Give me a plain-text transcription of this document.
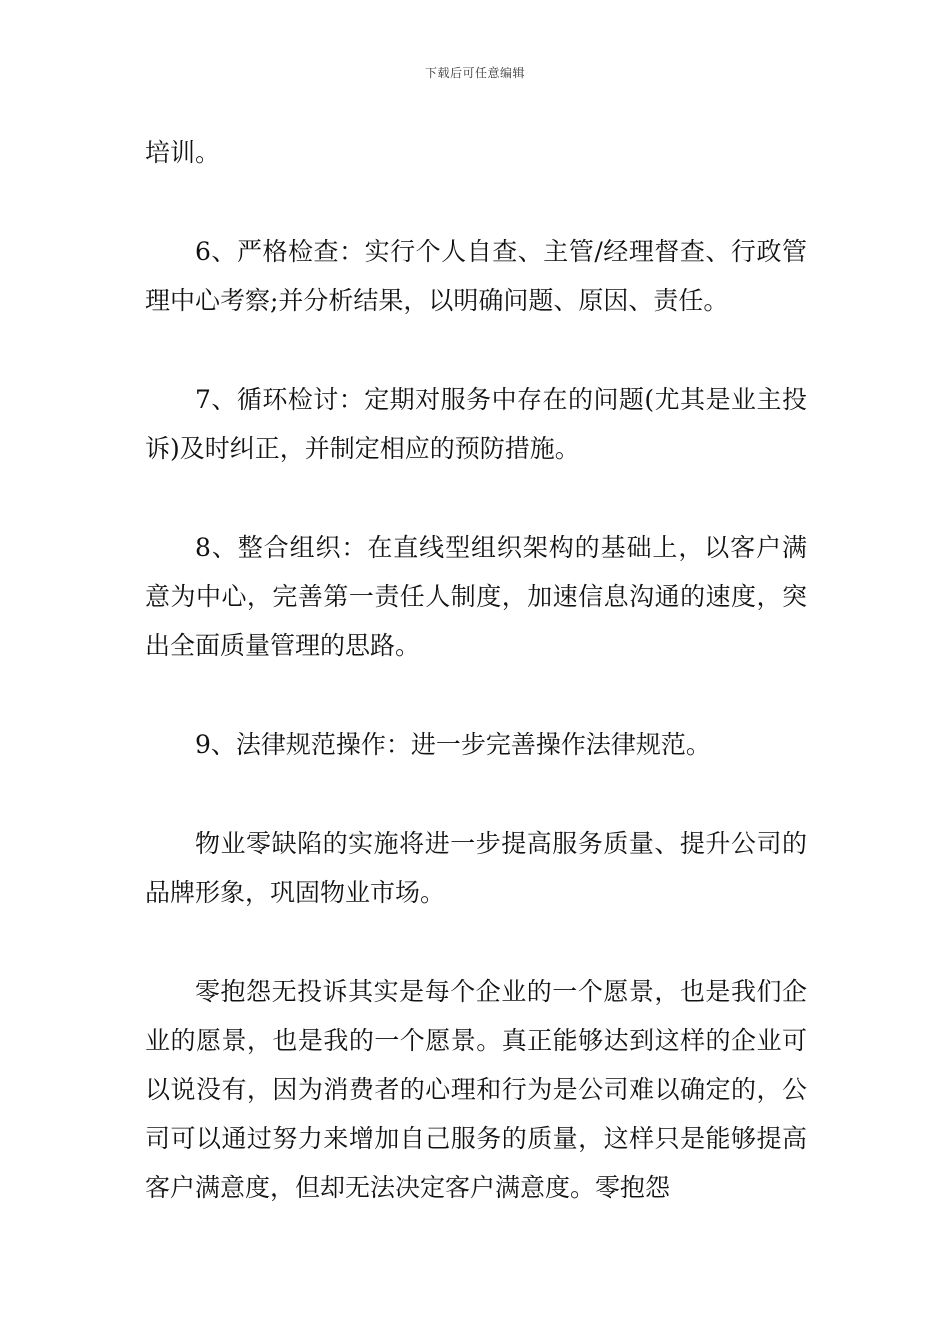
下载后可任意编辑

培训。

6、严格检查：实行个人自查、主管/经理督查、行政管理中心考察;并分析结果，以明确问题、原因、责任。

7、循环检讨：定期对服务中存在的问题(尤其是业主投诉)及时纠正，并制定相应的预防措施。

8、整合组织：在直线型组织架构的基础上，以客户满意为中心，完善第一责任人制度，加速信息沟通的速度，突出全面质量管理的思路。

9、法律规范操作：进一步完善操作法律规范。

物业零缺陷的实施将进一步提高服务质量、提升公司的品牌形象，巩固物业市场。

零抱怨无投诉其实是每个企业的一个愿景，也是我们企业的愿景，也是我的一个愿景。真正能够达到这样的企业可以说没有，因为消费者的心理和行为是公司难以确定的，公司可以通过努力来增加自己服务的质量，这样只是能够提高客户满意度，但却无法决定客户满意度。零抱怨
